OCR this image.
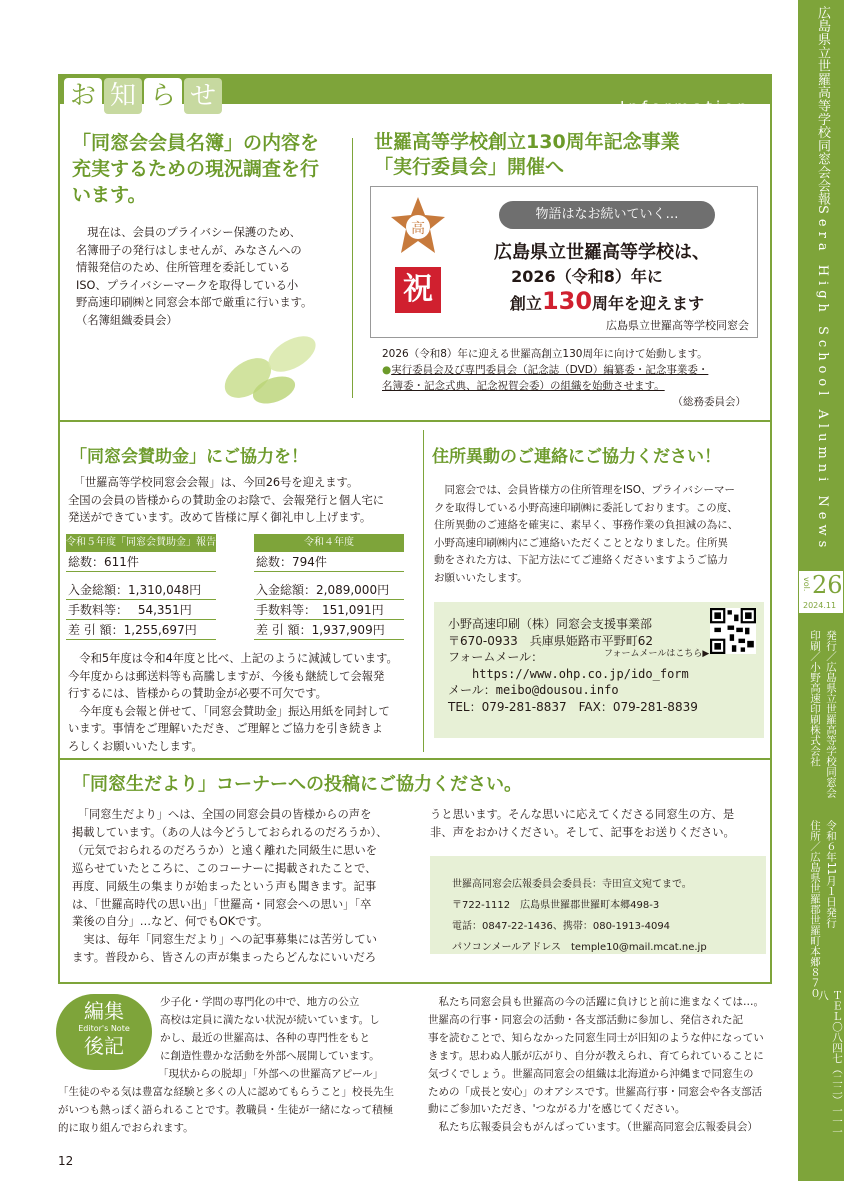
広島県立世羅高等学校同窓会会報
Sera High School Alumni News
vol. 26
2024.11
発行／広島県立世羅高等学校同窓会
印刷／小野高速印刷株式会社
令和６年11月１日発行
住所／広島県世羅郡世羅町本郷８７０
ＴＥＬ〇八四七（二二）一一一八
お 知 ら せ	Information
「同窓会会員名簿」の内容を
充実するための現況調査を行
います。
　現在は、会員のプライバシー保護のため、
名簿冊子の発行はしませんが、みなさんへの
情報発信のため、住所管理を委託している
ISO、プライバシーマークを取得している小
野高速印刷㈱と同窓会本部で厳重に行います。
（名簿組織委員会）
世羅高等学校創立130周年記念事業
「実行委員会」開催へ
高
物語はなお続いていく…
祝
広島県立世羅高等学校は、
2026（令和8）年に
創立130周年を迎えます
広島県立世羅高等学校同窓会
2026（令和8）年に迎える世羅高創立130周年に向けて始動します。
●実行委員会及び専門委員会（記念誌（DVD）編纂委・記念事業委・
名簿委・記念式典、記念祝賀会委）の組織を始動させます。
（総務委員会）
「同窓会賛助金」にご協力を！
　「世羅高等学校同窓会会報」は、今回26号を迎えます。
全国の会員の皆様からの賛助金のお陰で、会報発行と個人宅に
発送ができています。改めて皆様に厚く御礼申し上げます。
令和５年度「同窓会賛助金」報告
総数：611件
入金総額：1,310,048円
手数料等：　 54,351円
差 引 額：1,255,697円
令和４年度
総数：794件
入金総額：2,089,000円
手数料等：　151,091円
差 引 額：1,937,909円
　令和5年度は令和4年度と比べ、上記のように減減しています。
今年度からは郵送料等も高騰しますが、今後も継続して会報発
行するには、皆様からの賛助金が必要不可欠です。
　今年度も会報と併せて、「同窓会賛助金」振込用紙を同封して
います。事情をご理解いただき、ご理解とご協力を引き続きよ
ろしくお願いいたします。
住所異動のご連絡にご協力ください！
　同窓会では、会員皆様方の住所管理をISO、プライバシーマー
クを取得している小野高速印刷㈱に委託しております。この度、
住所異動のご連絡を確実に、素早く、事務作業の負担減の為に、
小野高速印刷㈱内にご連絡いただくこととなりました。住所異
動をされた方は、下記方法にてご連絡くださいますようご協力
お願いいたします。
小野高速印刷（株）同窓会支援事業部
〒670-0933　兵庫県姫路市平野町62
フォームメール：
　　https://www.ohp.co.jp/ido_form
メール：meibo@dousou.info
TEL：079-281-8837　FAX：079-281-8839
フォームメールはこちら▶
「同窓生だより」コーナーへの投稿にご協力ください。
　「同窓生だより」へは、全国の同窓会員の皆様からの声を
掲載しています。（あの人は今どうしておられるのだろうか）、
（元気でおられるのだろうか）と遠く離れた同級生に思いを
巡らせていたところに、このコーナーに掲載されたことで、
再度、同級生の集まりが始まったという声も聞きます。記事
は、「世羅高時代の思い出」「世羅高・同窓会への思い」「卒
業後の自分」…など、何でもOKです。
　実は、毎年「同窓生だより」への記事募集には苦労してい
ます。普段から、皆さんの声が集まったらどんなにいいだろ
うと思います。そんな思いに応えてくださる同窓生の方、是
非、声をおかけください。そして、記事をお送りください。
世羅高同窓会広報委員会委員長：寺田宣文宛てまで。
〒722-1112　広島県世羅郡世羅町本郷498-3
電話：0847-22-1436、携帯：080-1913-4094
パソコンメールアドレス　temple10@mail.mcat.ne.jp
編集
Editor's Note
後記
少子化・学問の専門化の中で、地方の公立
高校は定員に満たない状況が続いています。し
かし、最近の世羅高は、各种の専門性をもと
に創造性豊かな活動を外部へ展開しています。
「現状からの脱却」「外部への世羅高アピール」
「生徒のやる気は豊富な経験と多くの人に認めてもらうこと」校長先生
がいつも熱っぽく語られることです。教職員・生徒が一緒になって積極
的に取り組んでおられます。
　私たち同窓会員も世羅高の今の活躍に負けじと前に進まなくては…。
世羅高の行事・同窓会の活動・各支部活動に参加し、発信された記
事を読むことで、知らなかった同窓生同士が旧知のような仲になってい
きます。思わぬ人脈が広がり、自分が教えられ、育てられていることに
気づくでしょう。世羅高同窓会の組織は北海道から沖縄まで同窓生の
ための「成長と安心」のオアシスです。世羅高行事・同窓会や各支部活
動にご参加いただき、'つながる力'を感じてください。
　私たち広報委員会もがんばっています。（世羅高同窓会広報委員会）
12
